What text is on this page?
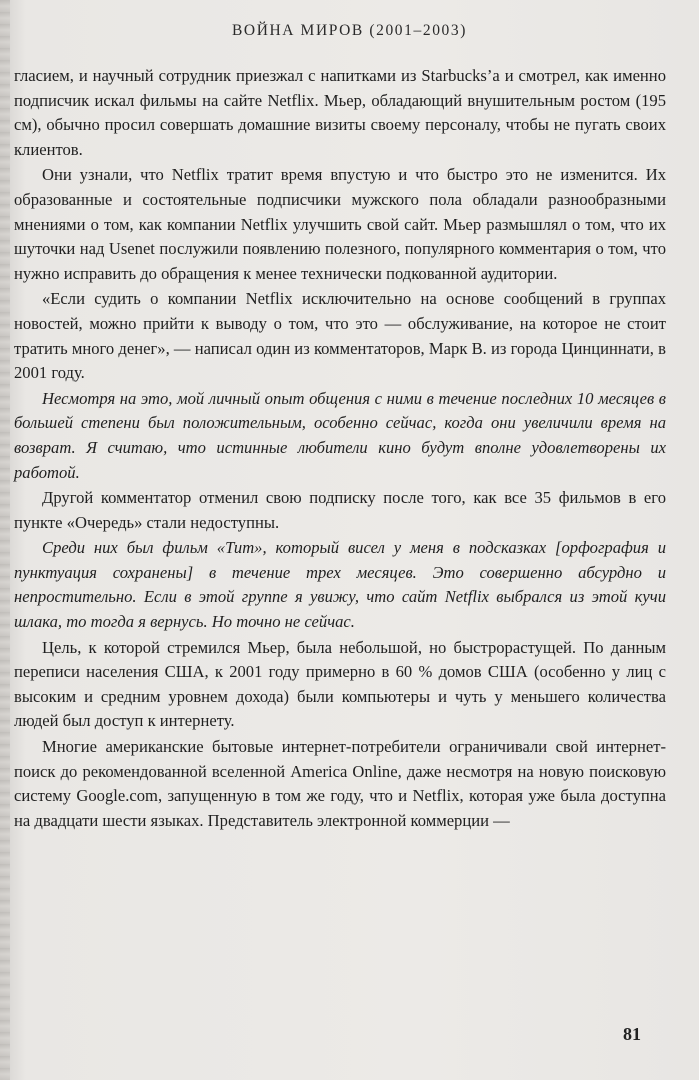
ВОЙНА МИРОВ (2001–2003)

гласием, и научный сотрудник приезжал с напитками из Starbucks’а и смотрел, как именно подписчик искал фильмы на сайте Netflix. Мьер, обладающий внушительным ростом (195 см), обычно просил совершать домашние визиты своему персоналу, чтобы не пугать своих клиентов.

Они узнали, что Netflix тратит время впустую и что быстро это не изменится. Их образованные и состоятельные подписчики мужского пола обладали разнообразными мнениями о том, как компании Netflix улучшить свой сайт. Мьер размышлял о том, что их шуточки над Usenet послужили появлению полезного, популярного комментария о том, что нужно исправить до обращения к менее технически подкованной аудитории.

«Если судить о компании Netflix исключительно на основе сообщений в группах новостей, можно прийти к выводу о том, что это — обслуживание, на которое не стоит тратить много денег», — написал один из комментаторов, Марк В. из города Цинциннати, в 2001 году.

Несмотря на это, мой личный опыт общения с ними в течение последних 10 месяцев в большей степени был положительным, особенно сейчас, когда они увеличили время на возврат. Я считаю, что истинные любители кино будут вполне удовлетворены их работой.

Другой комментатор отменил свою подписку после того, как все 35 фильмов в его пункте «Очередь» стали недоступны.

Среди них был фильм «Тит», который висел у меня в подсказках [орфография и пунктуация сохранены] в течение трех месяцев. Это совершенно абсурдно и непростительно. Если в этой группе я увижу, что сайт Netflix выбрался из этой кучи шлака, то тогда я вернусь. Но точно не сейчас.

Цель, к которой стремился Мьер, была небольшой, но быстрорастущей. По данным переписи населения США, к 2001 году примерно в 60 % домов США (особенно у лиц с высоким и средним уровнем дохода) были компьютеры и чуть у меньшего количества людей был доступ к интернету.

Многие американские бытовые интернет-потребители ограничивали свой интернет-поиск до рекомендованной вселенной America Online, даже несмотря на новую поисковую систему Google.com, запущенную в том же году, что и Netflix, которая уже была доступна на двадцати шести языках. Представитель электронной коммерции —

81
